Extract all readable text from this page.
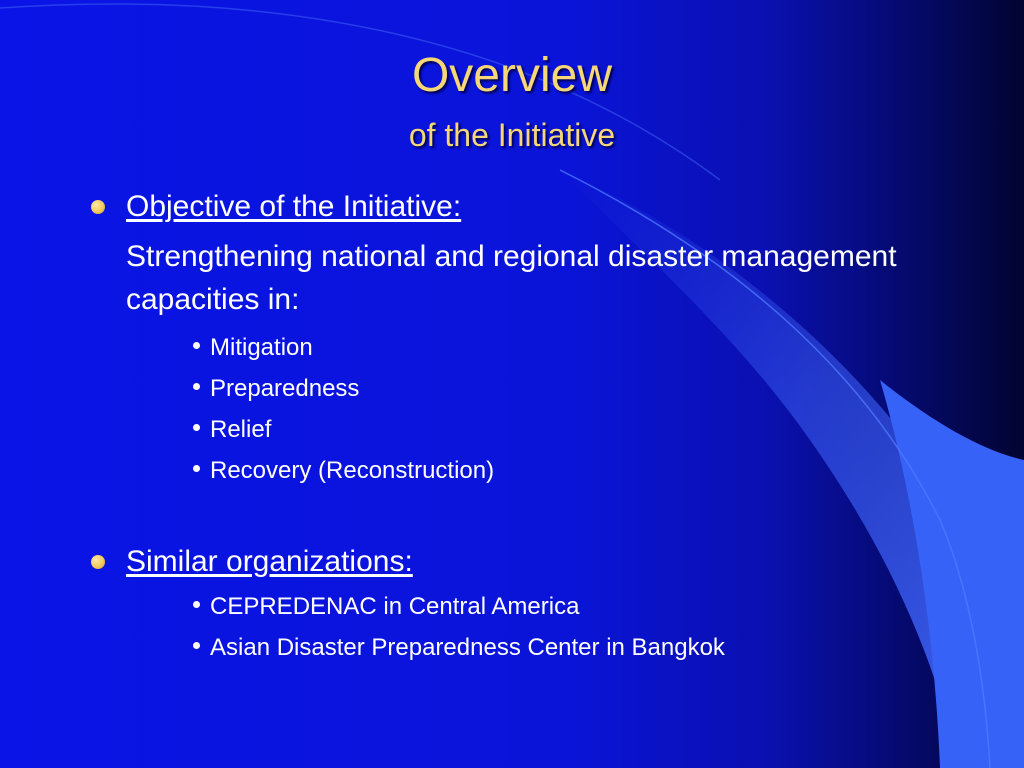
Overview
of the Initiative
Objective of the Initiative:
Strengthening national and regional disaster management capacities in:
Mitigation
Preparedness
Relief
Recovery (Reconstruction)
Similar organizations:
CEPREDENAC in Central America
Asian Disaster Preparedness Center in Bangkok
